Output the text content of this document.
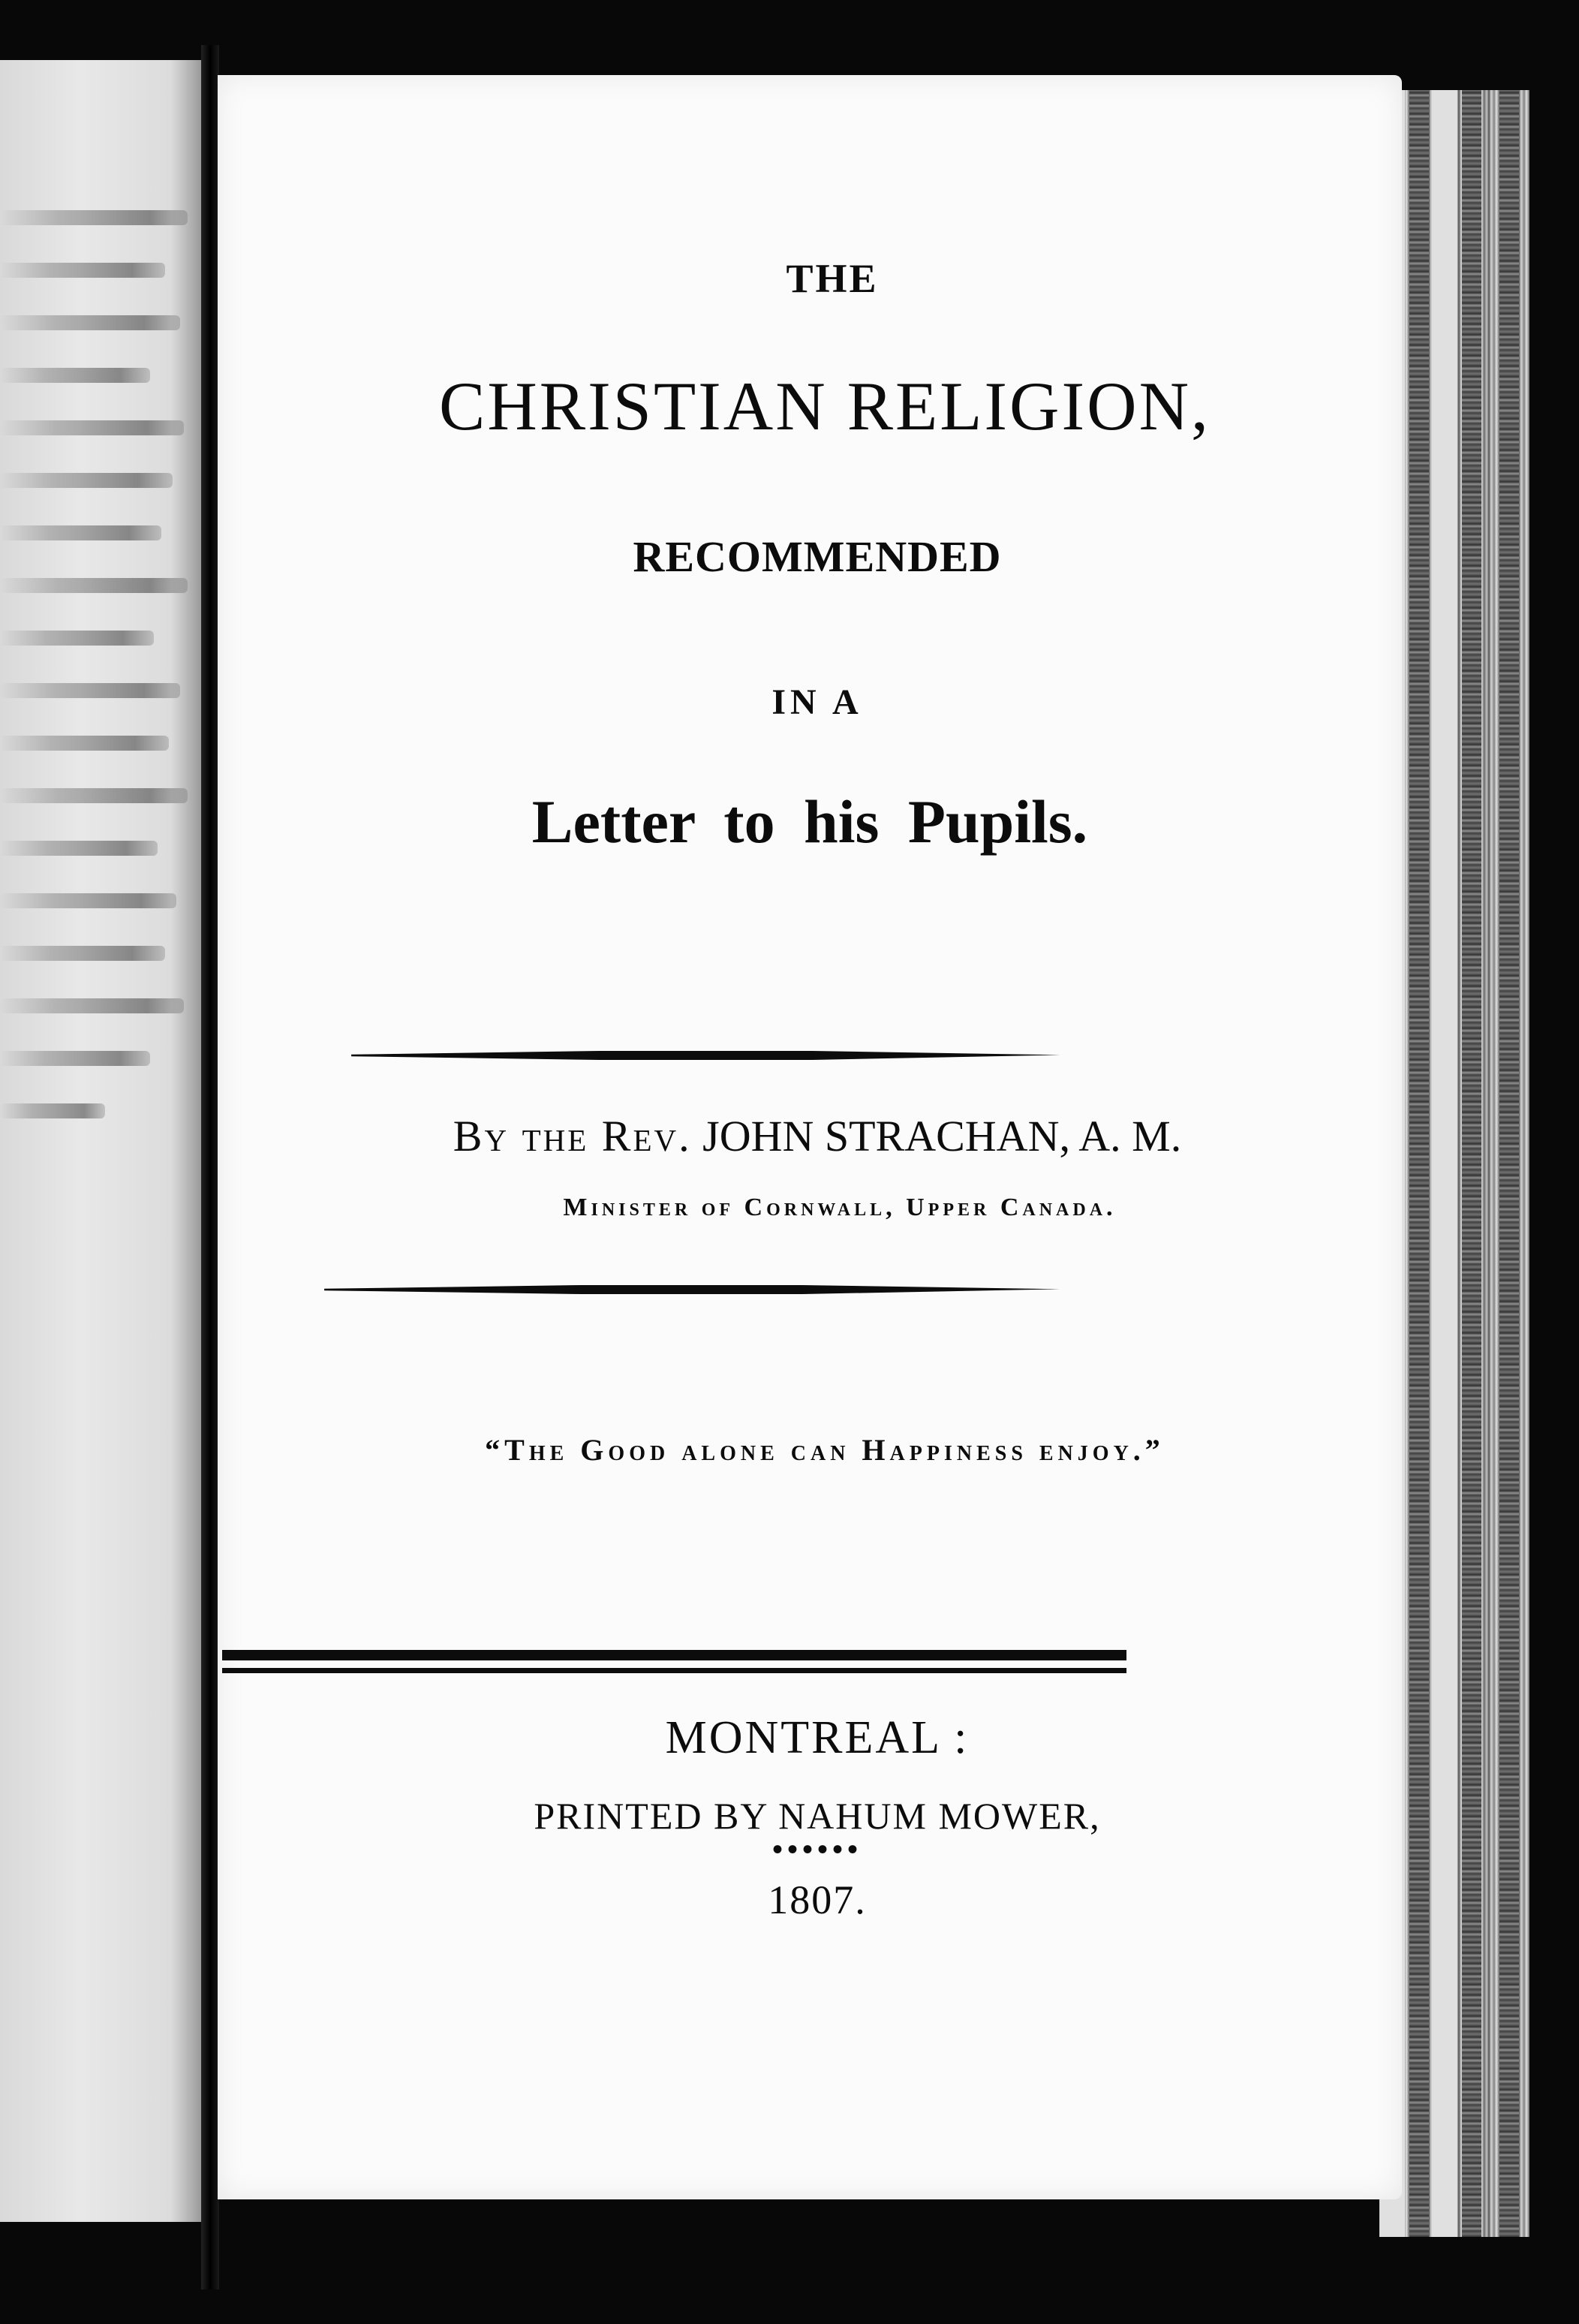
THE
CHRISTIAN RELIGION,
RECOMMENDED
IN A
Letter to his Pupils.
By the Rev. JOHN STRACHAN, A. M.
Minister of Cornwall, Upper Canada.
“The Good alone can Happiness enjoy.”
MONTREAL :
PRINTED BY NAHUM MOWER,
••••••
1807.
